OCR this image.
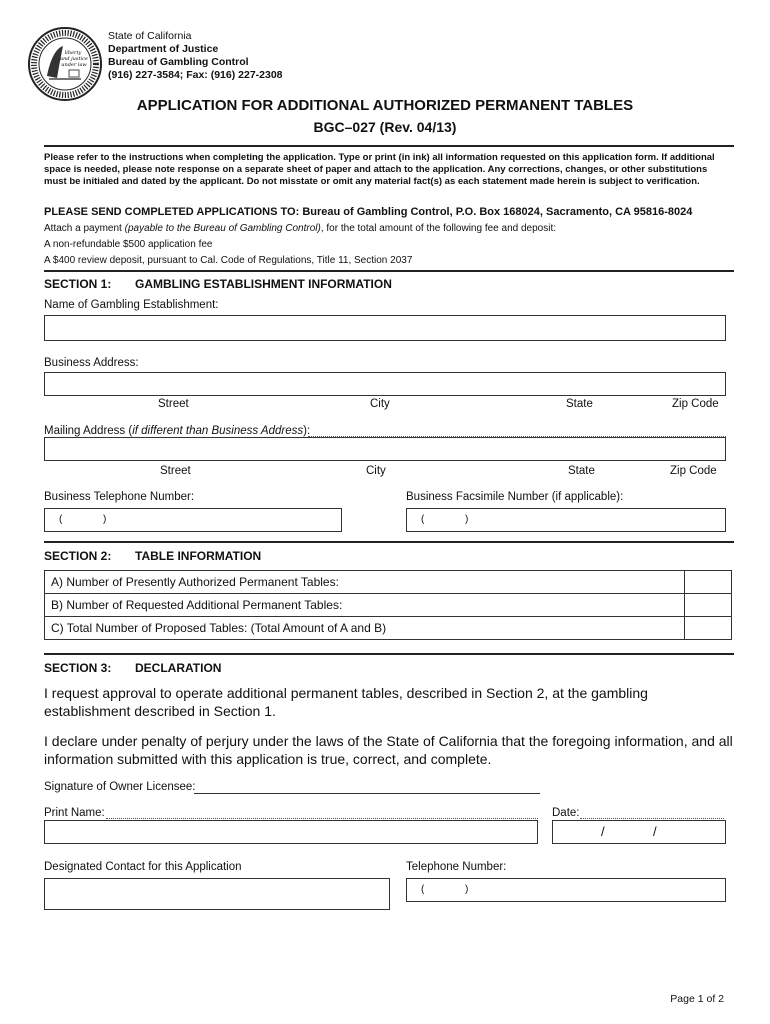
liberty
and justice
under law
State of California
Department of Justice
Bureau of Gambling Control
(916) 227-3584; Fax: (916) 227-2308
APPLICATION FOR ADDITIONAL AUTHORIZED PERMANENT TABLES
BGC–027 (Rev. 04/13)
Please refer to the instructions when completing the application. Type or print (in ink) all information requested on this application form. If additional space is needed, please note response on a separate sheet of paper and attach to the application. Any corrections, changes, or other substitutions must be initialed and dated by the applicant. Do not misstate or omit any material fact(s) as each statement made herein is subject to verification.
PLEASE SEND COMPLETED APPLICATIONS TO: Bureau of Gambling Control, P.O. Box 168024, Sacramento, CA 95816-8024
Attach a payment (payable to the Bureau of Gambling Control), for the total amount of the following fee and deposit:
A non-refundable $500 application fee
A $400 review deposit, pursuant to Cal. Code of Regulations, Title 11, Section 2037
SECTION 1: GAMBLING ESTABLISHMENT INFORMATION
Name of Gambling Establishment:
Business Address:
Street	City	State	Zip Code
Mailing Address (if different than Business Address):
Street	City	State	Zip Code
Business Telephone Number:	Business Facsimile Number (if applicable):
(	)	(	)
SECTION 2: TABLE INFORMATION
A) Number of Presently Authorized Permanent Tables:	
B) Number of Requested Additional Permanent Tables:	
C) Total Number of Proposed Tables: (Total Amount of A and B)	
SECTION 3: DECLARATION
I request approval to operate additional permanent tables, described in Section 2, at the gambling establishment described in Section 1.
I declare under penalty of perjury under the laws of the State of California that the foregoing information, and all information submitted with this application is true, correct, and complete.
Signature of Owner Licensee:
Print Name:	Date:
/	/
Designated Contact for this Application	Telephone Number:
(	)
Page 1 of 2
